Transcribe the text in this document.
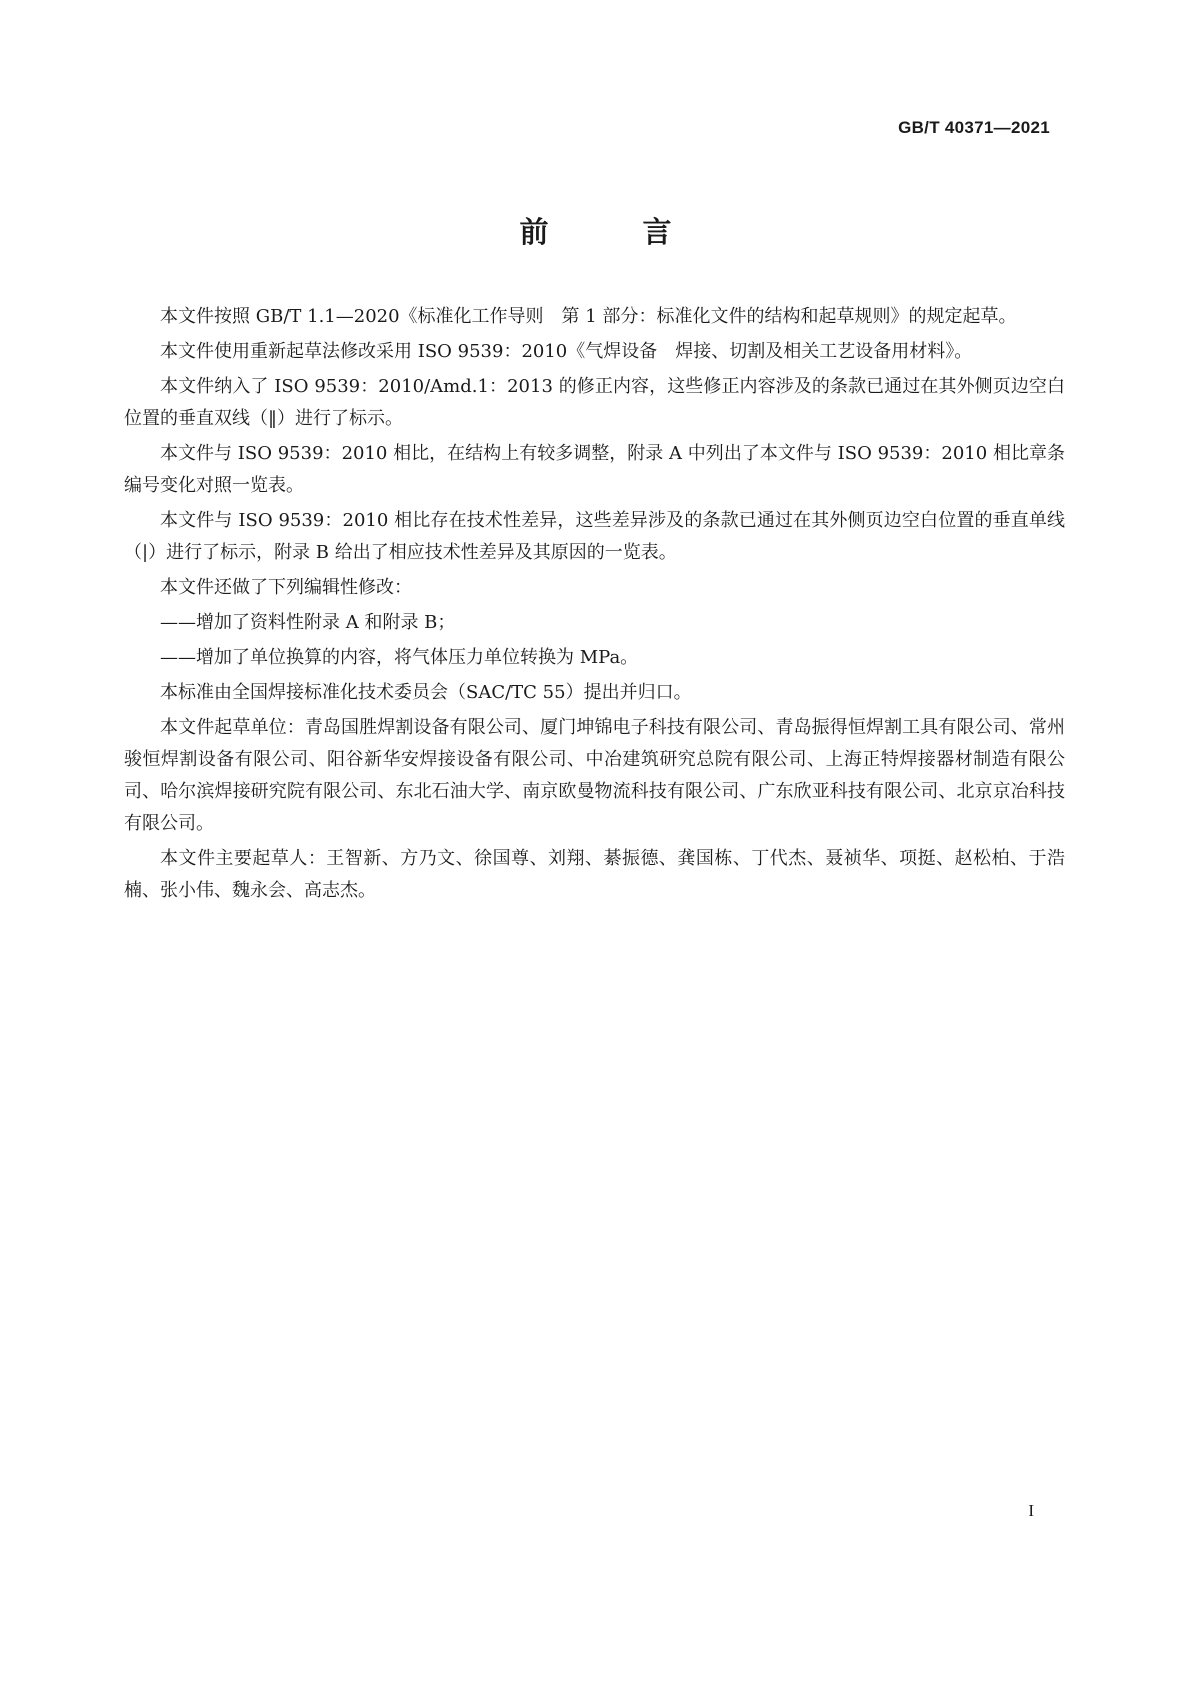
GB/T 40371—2021
前 言

本文件按照 GB/T 1.1—2020《标准化工作导则　第 1 部分：标准化文件的结构和起草规则》的规定起草。

本文件使用重新起草法修改采用 ISO 9539：2010《气焊设备　焊接、切割及相关工艺设备用材料》。

本文件纳入了 ISO 9539：2010/Amd.1：2013 的修正内容，这些修正内容涉及的条款已通过在其外侧页边空白位置的垂直双线（‖）进行了标示。

本文件与 ISO 9539：2010 相比，在结构上有较多调整，附录 A 中列出了本文件与 ISO 9539：2010 相比章条编号变化对照一览表。

本文件与 ISO 9539：2010 相比存在技术性差异，这些差异涉及的条款已通过在其外侧页边空白位置的垂直单线（|）进行了标示，附录 B 给出了相应技术性差异及其原因的一览表。

本文件还做了下列编辑性修改：

——增加了资料性附录 A 和附录 B；

——增加了单位换算的内容，将气体压力单位转换为 MPa。

本标准由全国焊接标准化技术委员会（SAC/TC 55）提出并归口。

本文件起草单位：青岛国胜焊割设备有限公司、厦门坤锦电子科技有限公司、青岛振得恒焊割工具有限公司、常州骏恒焊割设备有限公司、阳谷新华安焊接设备有限公司、中冶建筑研究总院有限公司、上海正特焊接器材制造有限公司、哈尔滨焊接研究院有限公司、东北石油大学、南京欧曼物流科技有限公司、广东欣亚科技有限公司、北京京冶科技有限公司。

本文件主要起草人：王智新、方乃文、徐国尊、刘翔、綦振德、龚国栋、丁代杰、聂祯华、项挺、赵松柏、于浩楠、张小伟、魏永会、高志杰。

I
